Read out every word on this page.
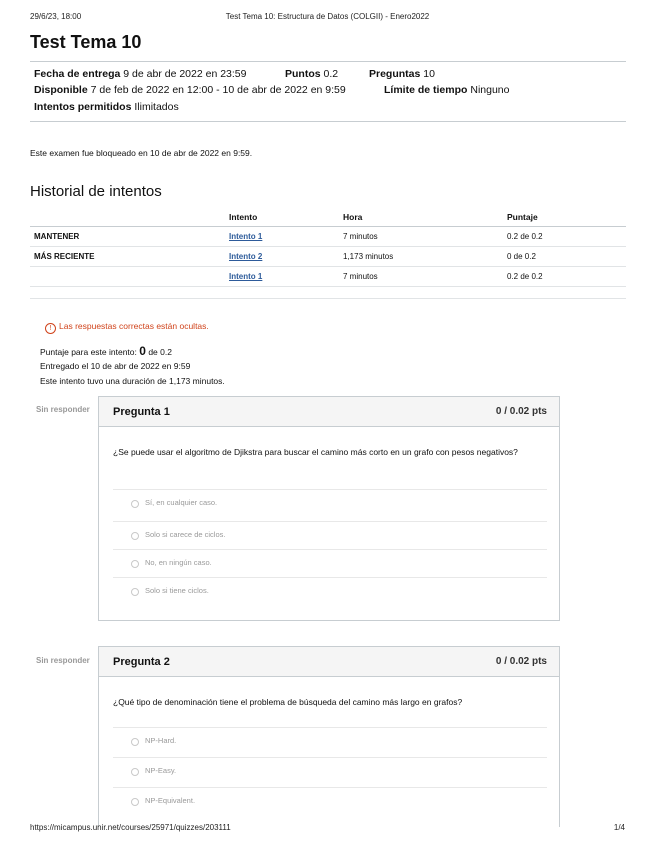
29/6/23, 18:00	Test Tema 10: Estructura de Datos (COLGII) - Enero2022
Test Tema 10
Fecha de entrega 9 de abr de 2022 en 23:59	Puntos 0.2	Preguntas 10
Disponible 7 de feb de 2022 en 12:00 - 10 de abr de 2022 en 9:59	Límite de tiempo Ninguno
Intentos permitidos Ilimitados
Este examen fue bloqueado en 10 de abr de 2022 en 9:59.
Historial de intentos
	Intento	Hora	Puntaje
MANTENER	Intento 1	7 minutos	0.2 de 0.2
MÁS RECIENTE	Intento 2	1,173 minutos	0 de 0.2
	Intento 1	7 minutos	0.2 de 0.2
! Las respuestas correctas están ocultas.
Puntaje para este intento: 0 de 0.2
Entregado el 10 de abr de 2022 en 9:59
Este intento tuvo una duración de 1,173 minutos.
Sin responder Pregunta 1	0 / 0.02 pts
¿Se puede usar el algoritmo de Djikstra para buscar el camino más corto en un grafo con pesos negativos?
Sí, en cualquier caso.
Solo si carece de ciclos.
No, en ningún caso.
Solo si tiene ciclos.
Sin responder Pregunta 2	0 / 0.02 pts
¿Qué tipo de denominación tiene el problema de búsqueda del camino más largo en grafos?
NP-Hard.
NP-Easy.
NP-Equivalent.
https://micampus.unir.net/courses/25971/quizzes/203111	1/4
